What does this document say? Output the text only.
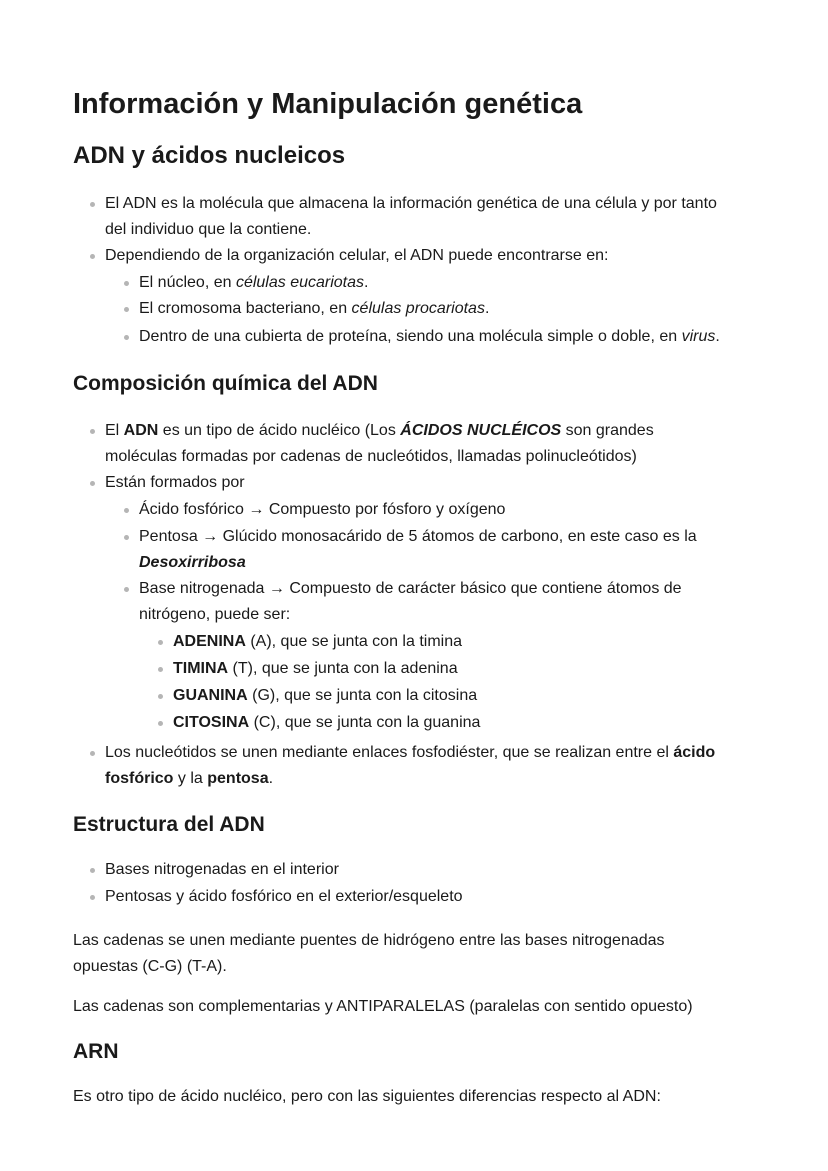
Información y Manipulación genética
ADN y ácidos nucleicos
El ADN es la molécula que almacena la información genética de una célula y por tanto
del individuo que la contiene.
Dependiendo de la organización celular, el ADN puede encontrarse en:
El núcleo, en células eucariotas.
El cromosoma bacteriano, en células procariotas.
Dentro de una cubierta de proteína, siendo una molécula simple o doble, en virus.
Composición química del ADN
El ADN es un tipo de ácido nucléico (Los ÁCIDOS NUCLÉICOS son grandes
moléculas formadas por cadenas de nucleótidos, llamadas polinucleótidos)
Están formados por
Ácido fosfórico → Compuesto por fósforo y oxígeno
Pentosa → Glúcido monosacárido de 5 átomos de carbono, en este caso es la
Desoxirribosa
Base nitrogenada → Compuesto de carácter básico que contiene átomos de
nitrógeno, puede ser:
ADENINA (A), que se junta con la timina
TIMINA (T), que se junta con la adenina
GUANINA (G), que se junta con la citosina
CITOSINA (C), que se junta con la guanina
Los nucleótidos se unen mediante enlaces fosfodiéster, que se realizan entre el ácido
fosfórico y la pentosa.
Estructura del ADN
Bases nitrogenadas en el interior
Pentosas y ácido fosfórico en el exterior/esqueleto
Las cadenas se unen mediante puentes de hidrógeno entre las bases nitrogenadas
opuestas (C-G) (T-A).
Las cadenas son complementarias y ANTIPARALELAS (paralelas con sentido opuesto)
ARN
Es otro tipo de ácido nucléico, pero con las siguientes diferencias respecto al ADN:
